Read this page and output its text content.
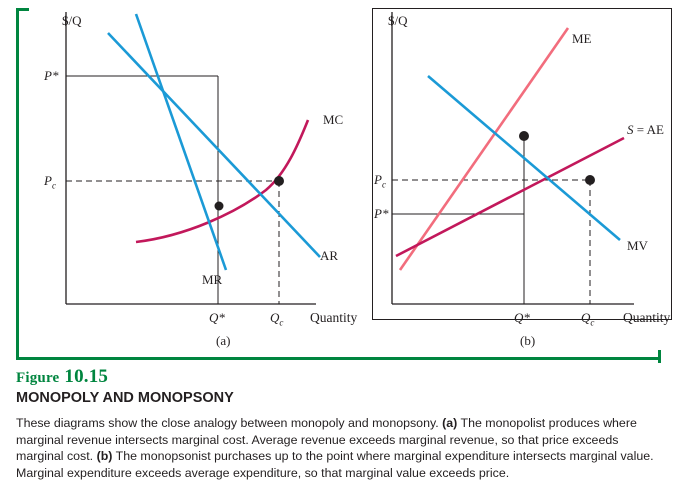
$/Q
P*
$P_c$
Q*	$Q_c$ Quantity
MC
AR
MR
(a)
$/Q
$P_c$
P*
Q*	$Q_c$ Quantity
ME
S = AE
MV
(b)
Figure 10.15
MONOPOLY AND MONOPSONY

These diagrams show the close analogy between monopoly and monopsony. (a) The monopolist produces where marginal revenue intersects marginal cost. Average revenue exceeds marginal revenue, so that price exceeds marginal cost. (b) The monopsonist purchases up to the point where marginal expenditure intersects marginal value. Marginal expenditure exceeds average expenditure, so that marginal value exceeds price.
